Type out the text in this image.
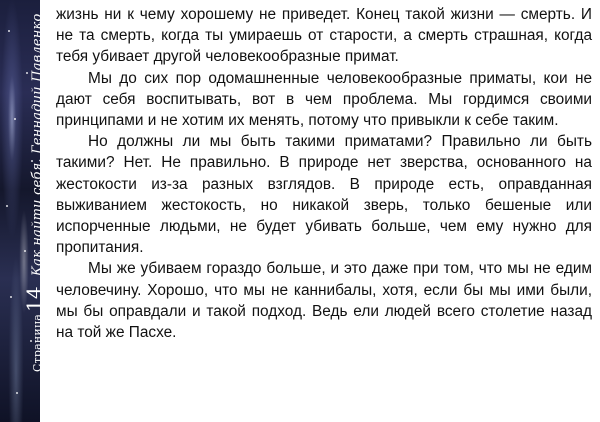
Страница14Как найти себя. Геннадий Павленко жизнь ни к чему хорошему не приведет. Конец такой жизни — смерть. И не та смерть, когда ты умираешь от старости, а смерть страшная, когда тебя убивает другой человекообразные примат.

Мы до сих пор одомашненные человекообразные приматы, кои не дают себя воспитывать, вот в чем проблема. Мы гордимся своими принципами и не хотим их менять, потому что привыкли к себе таким.

Но должны ли мы быть такими приматами? Правильно ли быть такими? Нет. Не правильно. В природе нет зверства, основанного на жестокости из-за разных взглядов. В природе есть, оправданная выживанием жестокость, но никакой зверь, только бешеные или испорченные людьми, не будет убивать больше, чем ему нужно для пропитания.

Мы же убиваем гораздо больше, и это даже при том, что мы не едим человечину. Хорошо, что мы не каннибалы, хотя, если бы мы ими были, мы бы оправдали и такой подход. Ведь ели людей всего столетие назад на той же Пасхе.
